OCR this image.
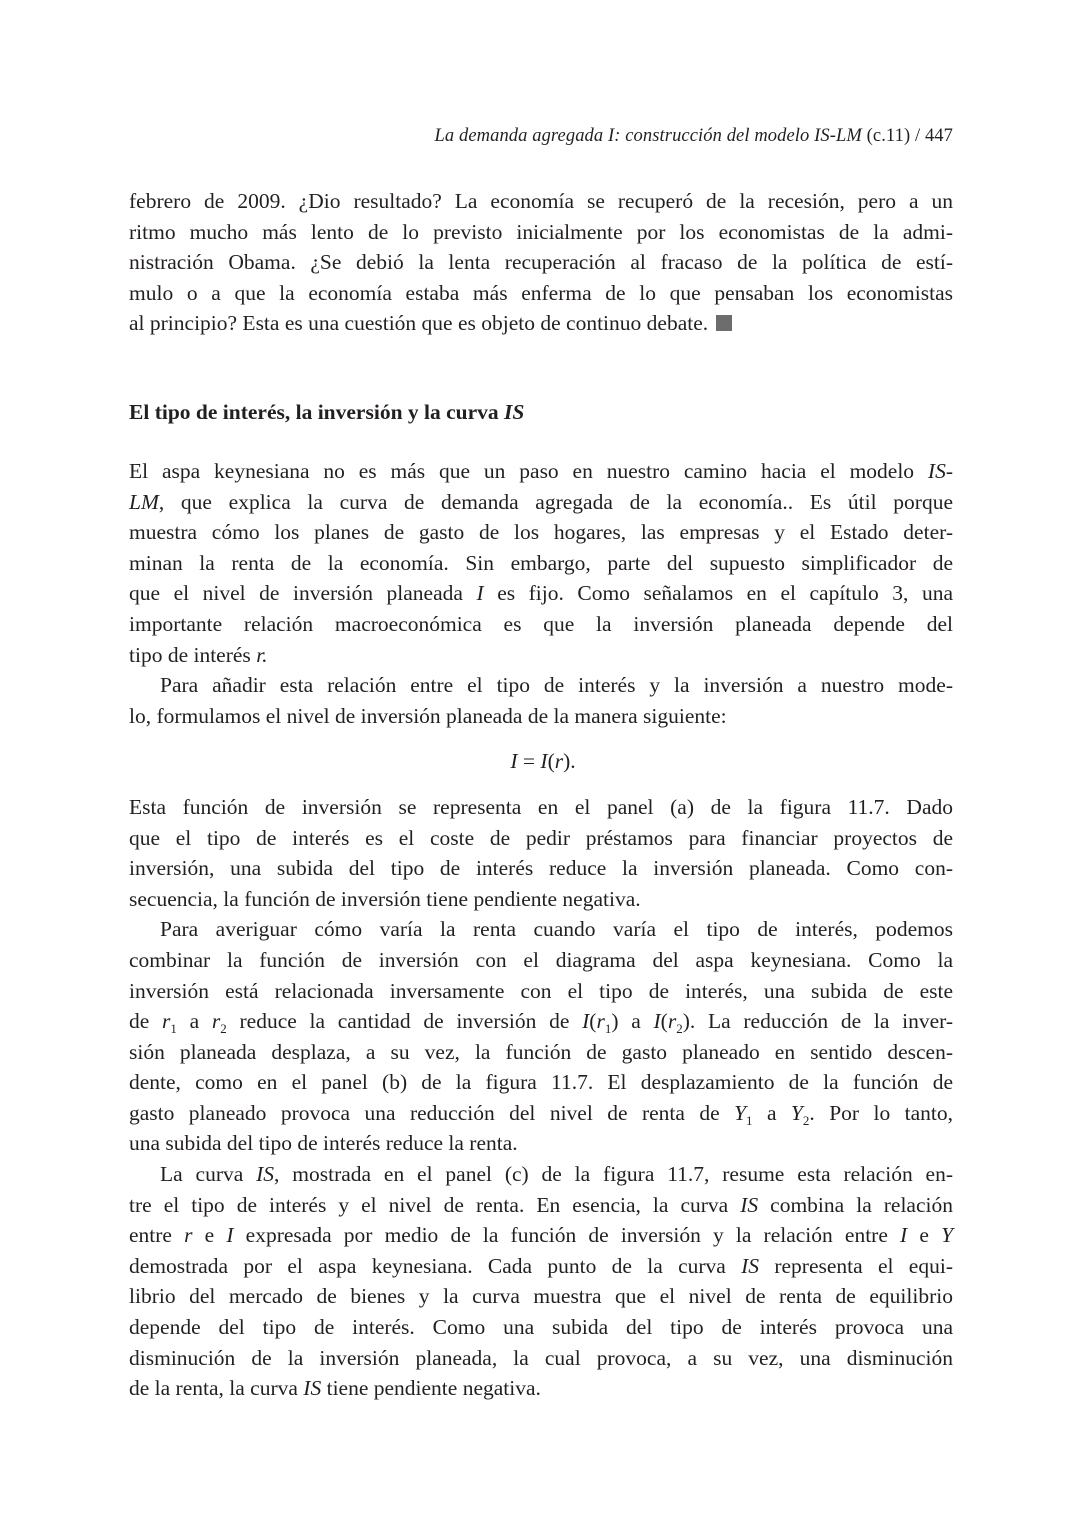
La demanda agregada I: construcción del modelo IS-LM (c.11) / 447
febrero de 2009. ¿Dio resultado? La economía se recuperó de la recesión, pero a un
ritmo mucho más lento de lo previsto inicialmente por los economistas de la admi-
nistración Obama. ¿Se debió la lenta recuperación al fracaso de la política de estí-
mulo o a que la economía estaba más enferma de lo que pensaban los economistas
al principio? Esta es una cuestión que es objeto de continuo debate.
El tipo de interés, la inversión y la curva IS
El aspa keynesiana no es más que un paso en nuestro camino hacia el modelo IS-
LM, que explica la curva de demanda agregada de la economía.. Es útil porque
muestra cómo los planes de gasto de los hogares, las empresas y el Estado deter-
minan la renta de la economía. Sin embargo, parte del supuesto simplificador de
que el nivel de inversión planeada I es fijo. Como señalamos en el capítulo 3, una
importante relación macroeconómica es que la inversión planeada depende del
tipo de interés r.
Para añadir esta relación entre el tipo de interés y la inversión a nuestro mode-
lo, formulamos el nivel de inversión planeada de la manera siguiente:
I = I(r).
Esta función de inversión se representa en el panel (a) de la figura 11.7. Dado
que el tipo de interés es el coste de pedir préstamos para financiar proyectos de
inversión, una subida del tipo de interés reduce la inversión planeada. Como con-
secuencia, la función de inversión tiene pendiente negativa.
Para averiguar cómo varía la renta cuando varía el tipo de interés, podemos
combinar la función de inversión con el diagrama del aspa keynesiana. Como la
inversión está relacionada inversamente con el tipo de interés, una subida de este
de $r_1$ a $r_2$ reduce la cantidad de inversión de $I(r_1)$ a $I(r_2)$. La reducción de la inver-
sión planeada desplaza, a su vez, la función de gasto planeado en sentido descen-
dente, como en el panel (b) de la figura 11.7. El desplazamiento de la función de
gasto planeado provoca una reducción del nivel de renta de $Y_1$ a $Y_2$. Por lo tanto,
una subida del tipo de interés reduce la renta.
La curva IS, mostrada en el panel (c) de la figura 11.7, resume esta relación en-
tre el tipo de interés y el nivel de renta. En esencia, la curva IS combina la relación
entre r e I expresada por medio de la función de inversión y la relación entre I e Y
demostrada por el aspa keynesiana. Cada punto de la curva IS representa el equi-
librio del mercado de bienes y la curva muestra que el nivel de renta de equilibrio
depende del tipo de interés. Como una subida del tipo de interés provoca una
disminución de la inversión planeada, la cual provoca, a su vez, una disminución
de la renta, la curva IS tiene pendiente negativa.
